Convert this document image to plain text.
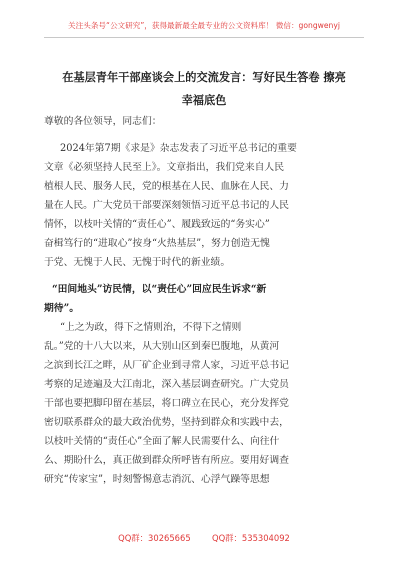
关注头条号“公文研究”，获得最新最全最专业的公文资料库！ 微信：gongwenyj
在基层青年干部座谈会上的交流发言：写好民生答卷 擦亮
幸福底色
尊敬的各位领导，同志们：
2024年第7期《求是》杂志发表了习近平总书记的重要
文章《必须坚持人民至上》。文章指出，我们党来自人民
植根人民、服务人民，党的根基在人民、血脉在人民、力
量在人民。广大党员干部要深刻领悟习近平总书记的人民
情怀，以枝叶关情的“责任心”、履践致远的“务实心”
奋楫笃行的“进取心”按身“火热基层”，努力创造无愧
于党、无愧于人民、无愧于时代的新业绩。
“田间地头”访民情，以“责任心”回应民生诉求“新
期待”。
“上之为政，得下之情则治，不得下之情则
乱。”党的十八大以来，从大别山区到秦巴腹地，从黄河
之滨到长江之畔，从厂矿企业到寻常人家，习近平总书记
考察的足迹遍及大江南北，深入基层调查研究。广大党员
干部也要把脚印留在基层，将口碑立在民心，充分发挥党
密切联系群众的最大政治优势，坚持到群众和实践中去，
以枝叶关情的“责任心”全面了解人民需要什么、向往什
么、期盼什么，真正做到群众所呼皆有所应。要用好调查
研究“传家宝”，时刻警惕意志消沉、心浮气躁等思想
QQ群：30265665	QQ群：535304092
